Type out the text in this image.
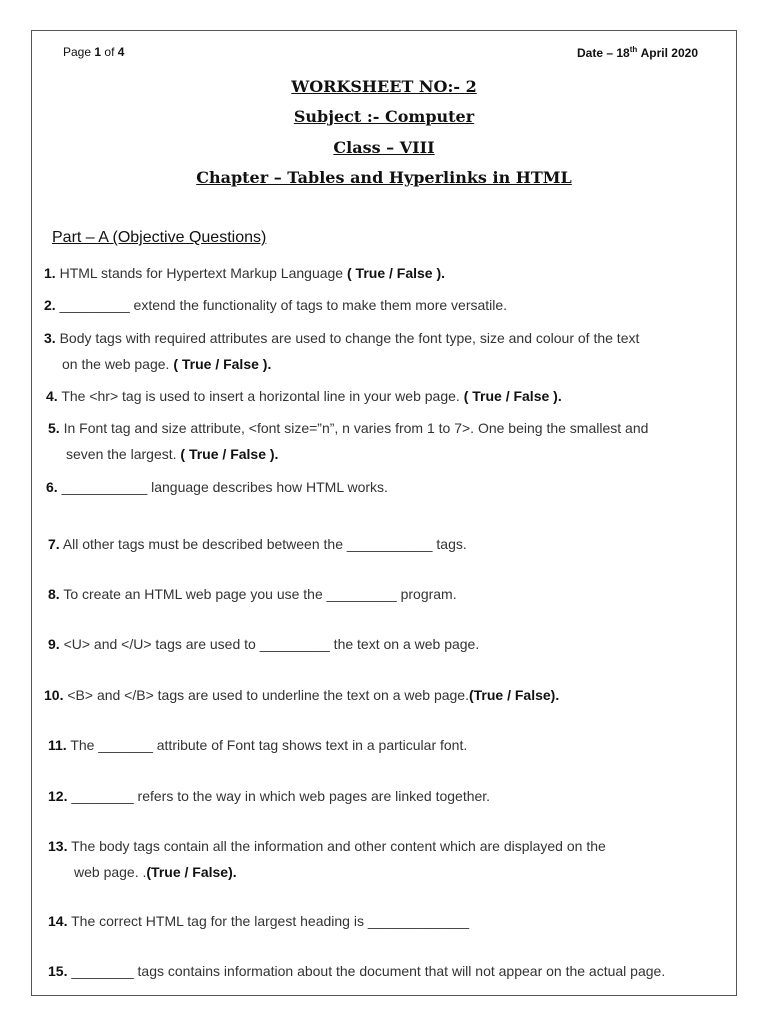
Page 1 of 4	Date – 18th April 2020
WORKSHEET NO:- 2
Subject :- Computer
Class – VIII
Chapter – Tables and Hyperlinks in HTML
Part – A (Objective Questions)
1. HTML stands for Hypertext Markup Language ( True / False ).
2. _________ extend the functionality of tags to make them more versatile.
3. Body tags with required attributes are used to change the font type, size and colour of the text
on the web page. ( True / False ).
4. The <hr> tag is used to insert a horizontal line in your web page. ( True / False ).
5. In Font tag and size attribute, <font size=”n”, n varies from 1 to 7>. One being the smallest and
seven the largest. ( True / False ).
6. ___________ language describes how HTML works.
7. All other tags must be described between the ___________ tags.
8. To create an HTML web page you use the _________ program.
9. <U> and </U> tags are used to _________ the text on a web page.
10. <B> and </B> tags are used to underline the text on a web page.(True / False).
11. The _______ attribute of Font tag shows text in a particular font.
12. ________ refers to the way in which web pages are linked together.
13. The body tags contain all the information and other content which are displayed on the
web page. .(True / False).
14. The correct HTML tag for the largest heading is _____________
15. ________ tags contains information about the document that will not appear on the actual page.
